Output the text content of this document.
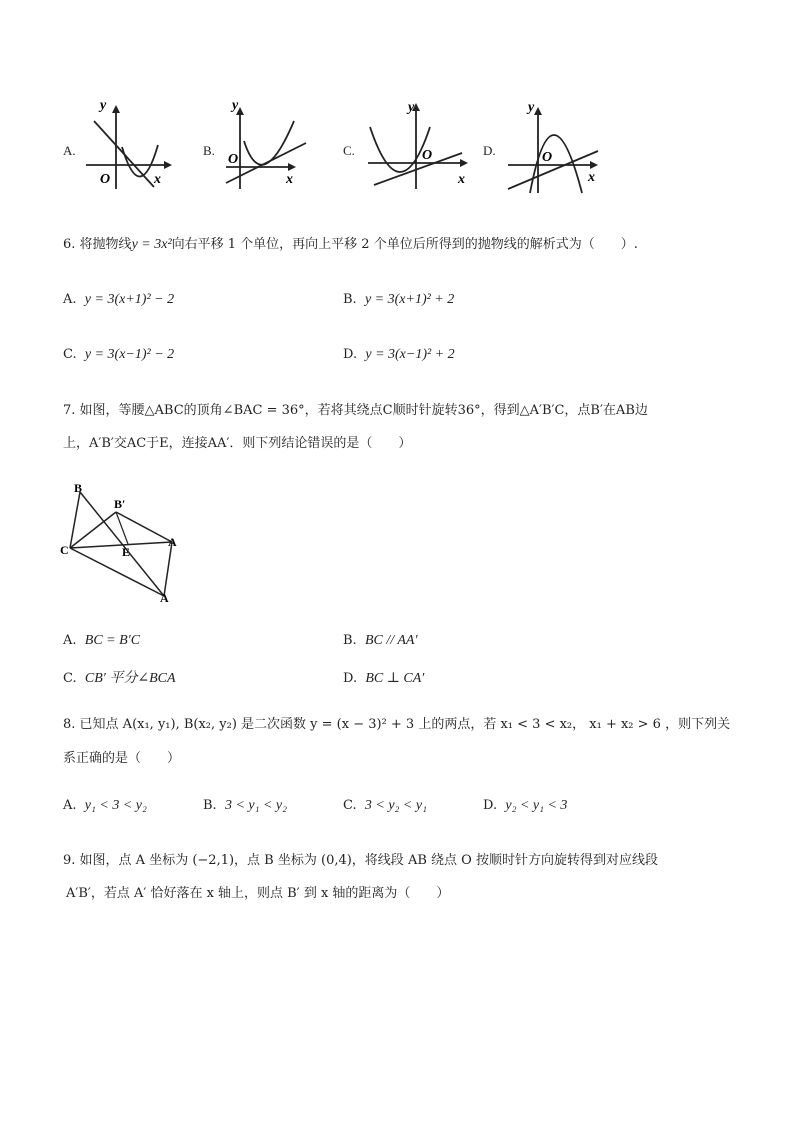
A.
y
x
O
B.
y
x
O
C.
y
x
O	D.
y
x
O
6. 将抛物线y = 3x²向右平移 1 个单位，再向上平移 2 个单位后所得到的抛物线的解析式为（　　）.
A. y = 3(x+1)² − 2	B. y = 3(x+1)² + 2
C. y = 3(x−1)² − 2	D. y = 3(x−1)² + 2
7. 如图，等腰△ABC的顶角∠BAC = 36°，若将其绕点C顺时针旋转36°，得到△A′B′C，点B′在AB边
上，A′B′交AC于E，连接AA′．则下列结论错误的是（　　）
B
B′
C	E
A
A
A. BC = B′C	B. BC // AA′
C. CB′ 平分∠BCA	D. BC ⊥ CA′
8. 已知点 A(x₁, y₁), B(x₂, y₂) 是二次函数 y = (x − 3)² + 3 上的两点，若 x₁ < 3 < x₂， x₁ + x₂ > 6 ，则下列关
系正确的是（　　）
A. y₁ < 3 < y₂	B. 3 < y₁ < y₂	C. 3 < y₂ < y₁	D. y₂ < y₁ < 3
9. 如图，点 A 坐标为 (−2,1)，点 B 坐标为 (0,4)，将线段 AB 绕点 O 按顺时针方向旋转得到对应线段
A′B′，若点 A′ 恰好落在 x 轴上，则点 B′ 到 x 轴的距离为（　　）
